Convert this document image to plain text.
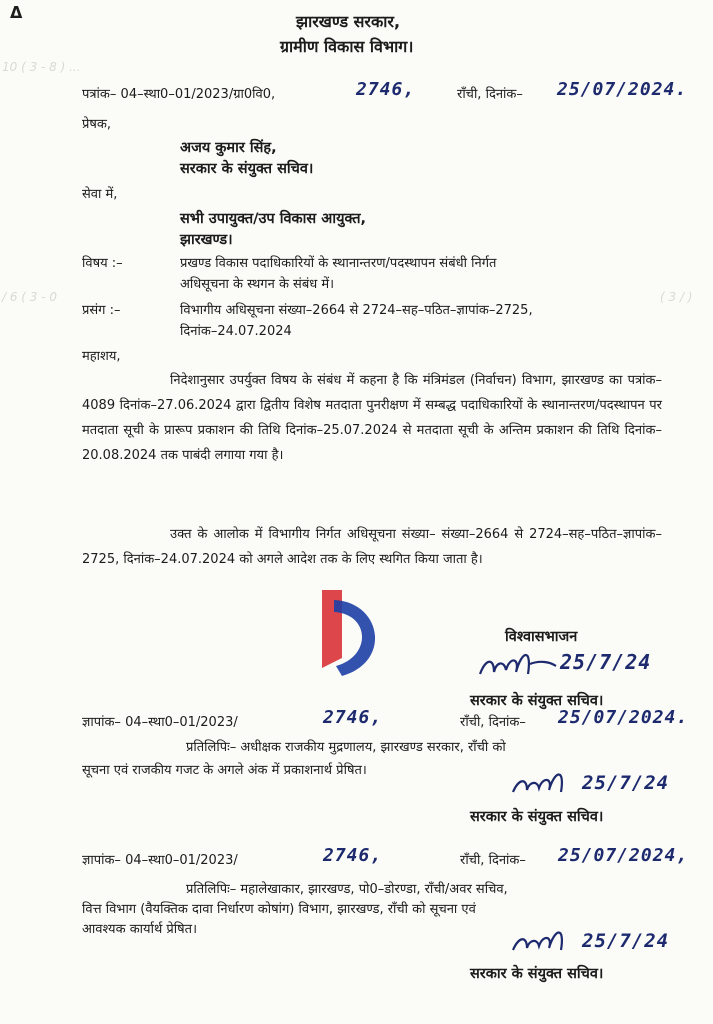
10 ( 3 - 8 ) ...
/ 6 ( 3 - 0	( 3 / )
ᐃ	झारखण्ड सरकार,
ग्रामीण विकास विभाग।
पत्रांक– 04–स्था0–01/2023/ग्रा0वि0,	2746,	राँची, दिनांक– 25/07/2024.
प्रेषक,
अजय कुमार सिंह,
सरकार के संयुक्त सचिव।
सेवा में,
सभी उपायुक्त/उप विकास आयुक्त,
झारखण्ड।
विषय :–	प्रखण्ड विकास पदाधिकारियों के स्थानान्तरण/पदस्थापन संबंधी निर्गत
अधिसूचना के स्थगन के संबंध में।
प्रसंग :–	विभागीय अधिसूचना संख्या–2664 से 2724–सह–पठित–ज्ञापांक–2725,
दिनांक–24.07.2024
महाशय,
निदेशानुसार उपर्युक्त विषय के संबंध में कहना है कि मंत्रिमंडल (निर्वाचन) विभाग, झारखण्ड का पत्रांक–4089 दिनांक–27.06.2024 द्वारा द्वितीय विशेष मतदाता पुनरीक्षण में सम्बद्ध पदाधिकारियों के स्थानान्तरण/पदस्थापन पर मतदाता सूची के प्रारूप प्रकाशन की तिथि दिनांक–25.07.2024 से मतदाता सूची के अन्तिम प्रकाशन की तिथि दिनांक–20.08.2024 तक पाबंदी लगाया गया है।
उक्त के आलोक में विभागीय निर्गत अधिसूचना संख्या– संख्या–2664 से 2724–सह–पठित–ज्ञापांक–2725, दिनांक–24.07.2024 को अगले आदेश तक के लिए स्थगित किया जाता है।
विश्वासभाजन
25/7/24
सरकार के संयुक्त सचिव।
ज्ञापांक– 04–स्था0–01/2023/	2746,	राँची, दिनांक– 25/07/2024.
प्रतिलिपिः– अधीक्षक राजकीय मुद्रणालय, झारखण्ड सरकार, राँची को
सूचना एवं राजकीय गजट के अगले अंक में प्रकाशनार्थ प्रेषित।
25/7/24
सरकार के संयुक्त सचिव।
ज्ञापांक– 04–स्था0–01/2023/	2746,	राँची, दिनांक– 25/07/2024,
प्रतिलिपिः– महालेखाकार, झारखण्ड, पो0–डोरण्डा, राँची/अवर सचिव,
वित्त विभाग (वैयक्तिक दावा निर्धारण कोषांग) विभाग, झारखण्ड, राँची को सूचना एवं
आवश्यक कार्यार्थ प्रेषित।
25/7/24
सरकार के संयुक्त सचिव।
